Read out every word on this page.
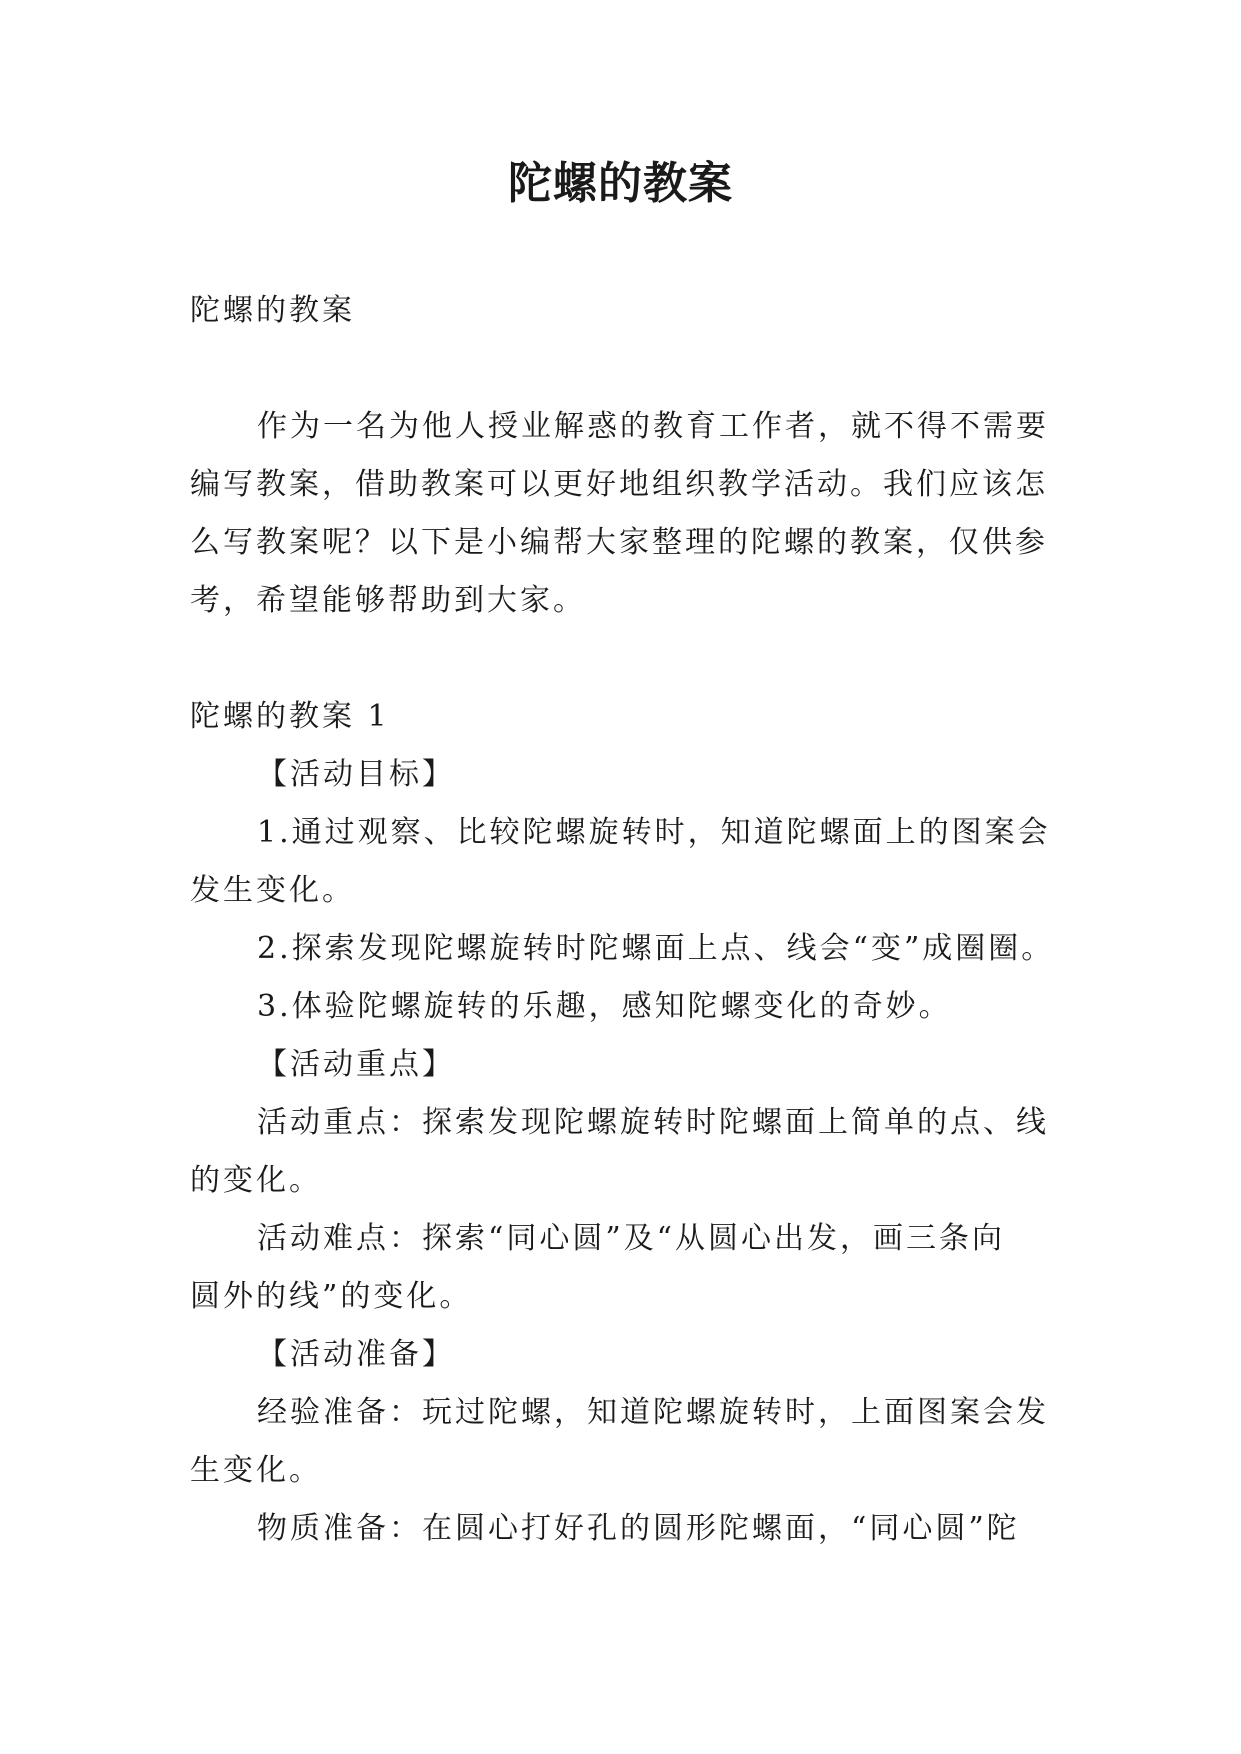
陀螺的教案
陀螺的教案
作为一名为他人授业解惑的教育工作者，就不得不需要
编写教案，借助教案可以更好地组织教学活动。我们应该怎
么写教案呢？以下是小编帮大家整理的陀螺的教案，仅供参
考，希望能够帮助到大家。
陀螺的教案 1
【活动目标】
1.通过观察、比较陀螺旋转时，知道陀螺面上的图案会
发生变化。
2.探索发现陀螺旋转时陀螺面上点、线会“变”成圈圈。
3.体验陀螺旋转的乐趣，感知陀螺变化的奇妙。
【活动重点】
活动重点：探索发现陀螺旋转时陀螺面上简单的点、线
的变化。
活动难点：探索“同心圆”及“从圆心出发，画三条向
圆外的线”的变化。
【活动准备】
经验准备：玩过陀螺，知道陀螺旋转时，上面图案会发
生变化。
物质准备：在圆心打好孔的圆形陀螺面，“同心圆”陀
